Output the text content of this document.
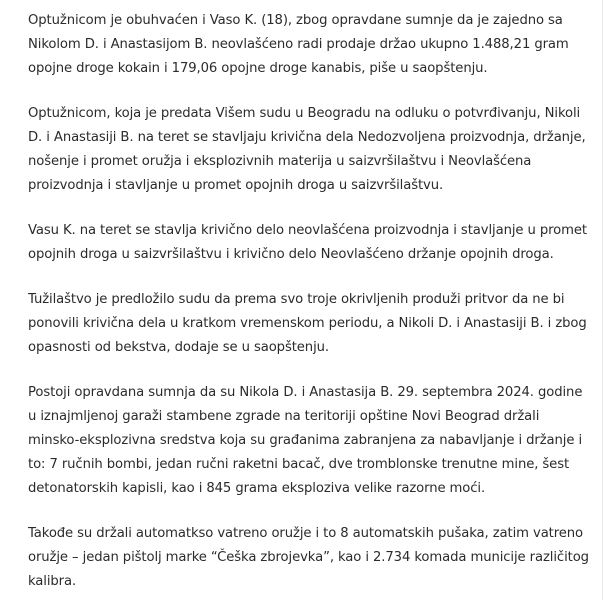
Optužnicom je obuhvaćen i Vaso K. (18), zbog opravdane sumnje da je zajedno sa Nikolom D. i Anastasijom B. neovlašćeno radi prodaje držao ukupno 1.488,21 gram opojne droge kokain i 179,06 opojne droge kanabis, piše u saopštenju.

Optužnicom, koja je predata Višem sudu u Beogradu na odluku o potvrđivanju, Nikoli D. i Anastasiji B. na teret se stavljaju krivična dela Nedozvoljena proizvodnja, držanje, nošenje i promet oružja i eksplozivnih materija u saizvršilaštvu i Neovlašćena proizvodnja i stavljanje u promet opojnih droga u saizvršilaštvu.

Vasu K. na teret se stavlja krivično delo neovlašćena proizvodnja i stavljanje u promet opojnih droga u saizvršilaštvu i krivično delo Neovlašćeno držanje opojnih droga.

Tužilaštvo je predložilo sudu da prema svo troje okrivljenih produži pritvor da ne bi ponovili krivična dela u kratkom vremenskom periodu, a Nikoli D. i Anastasiji B. i zbog opasnosti od bekstva, dodaje se u saopštenju.

Postoji opravdana sumnja da su Nikola D. i Anastasija B. 29. septembra 2024. godine u iznajmljenoj garaži stambene zgrade na teritoriji opštine Novi Beograd držali minsko-eksplozivna sredstva koja su građanima zabranjena za nabavljanje i držanje i to: 7 ručnih bombi, jedan ručni raketni bacač, dve tromblonske trenutne mine, šest detonatorskih kapisli, kao i 845 grama eksploziva velike razorne moći.

Takođe su držali automatkso vatreno oružje i to 8 automatskih pušaka, zatim vatreno oružje – jedan pištolj marke “Češka zbrojevka”, kao i 2.734 komada municije različitog kalibra.
